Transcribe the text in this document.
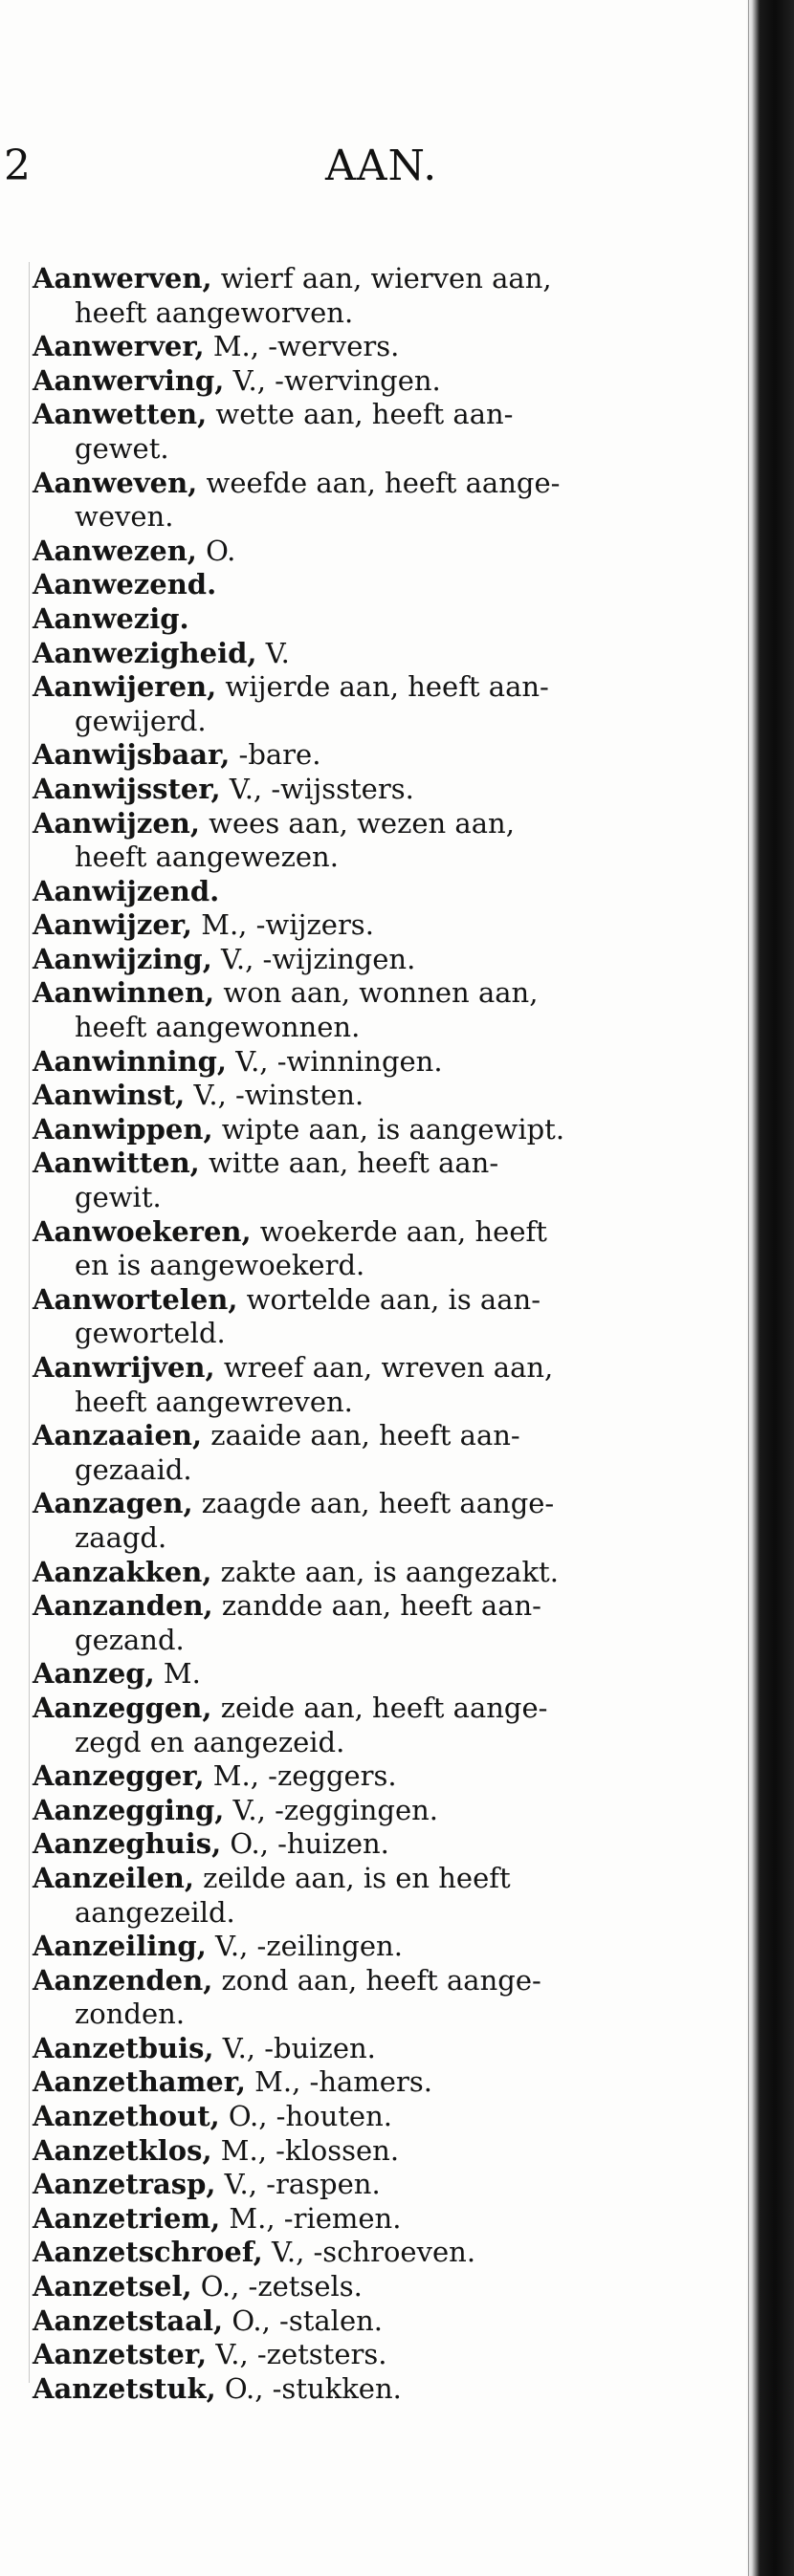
2	AAN.
Aanwerven, wierf aan, wierven aan,
heeft aangeworven.
Aanwerver, M., -wervers.
Aanwerving, V., -wervingen.
Aanwetten, wette aan, heeft aan-
gewet.
Aanweven, weefde aan, heeft aange-
weven.
Aanwezen, O.
Aanwezend.
Aanwezig.
Aanwezigheid, V.
Aanwijeren, wijerde aan, heeft aan-
gewijerd.
Aanwijsbaar, -bare.
Aanwijsster, V., -wijssters.
Aanwijzen, wees aan, wezen aan,
heeft aangewezen.
Aanwijzend.
Aanwijzer, M., -wijzers.
Aanwijzing, V., -wijzingen.
Aanwinnen, won aan, wonnen aan,
heeft aangewonnen.
Aanwinning, V., -winningen.
Aanwinst, V., -winsten.
Aanwippen, wipte aan, is aangewipt.
Aanwitten, witte aan, heeft aan-
gewit.
Aanwoekeren, woekerde aan, heeft
en is aangewoekerd.
Aanwortelen, wortelde aan, is aan-
geworteld.
Aanwrijven, wreef aan, wreven aan,
heeft aangewreven.
Aanzaaien, zaaide aan, heeft aan-
gezaaid.
Aanzagen, zaagde aan, heeft aange-
zaagd.
Aanzakken, zakte aan, is aangezakt.
Aanzanden, zandde aan, heeft aan-
gezand.
Aanzeg, M.
Aanzeggen, zeide aan, heeft aange-
zegd en aangezeid.
Aanzegger, M., -zeggers.
Aanzegging, V., -zeggingen.
Aanzeghuis, O., -huizen.
Aanzeilen, zeilde aan, is en heeft
aangezeild.
Aanzeiling, V., -zeilingen.
Aanzenden, zond aan, heeft aange-
zonden.
Aanzetbuis, V., -buizen.
Aanzethamer, M., -hamers.
Aanzethout, O., -houten.
Aanzetklos, M., -klossen.
Aanzetrasp, V., -raspen.
Aanzetriem, M., -riemen.
Aanzetschroef, V., -schroeven.
Aanzetsel, O., -zetsels.
Aanzetstaal, O., -stalen.
Aanzetster, V., -zetsters.
Aanzetstuk, O., -stukken.
